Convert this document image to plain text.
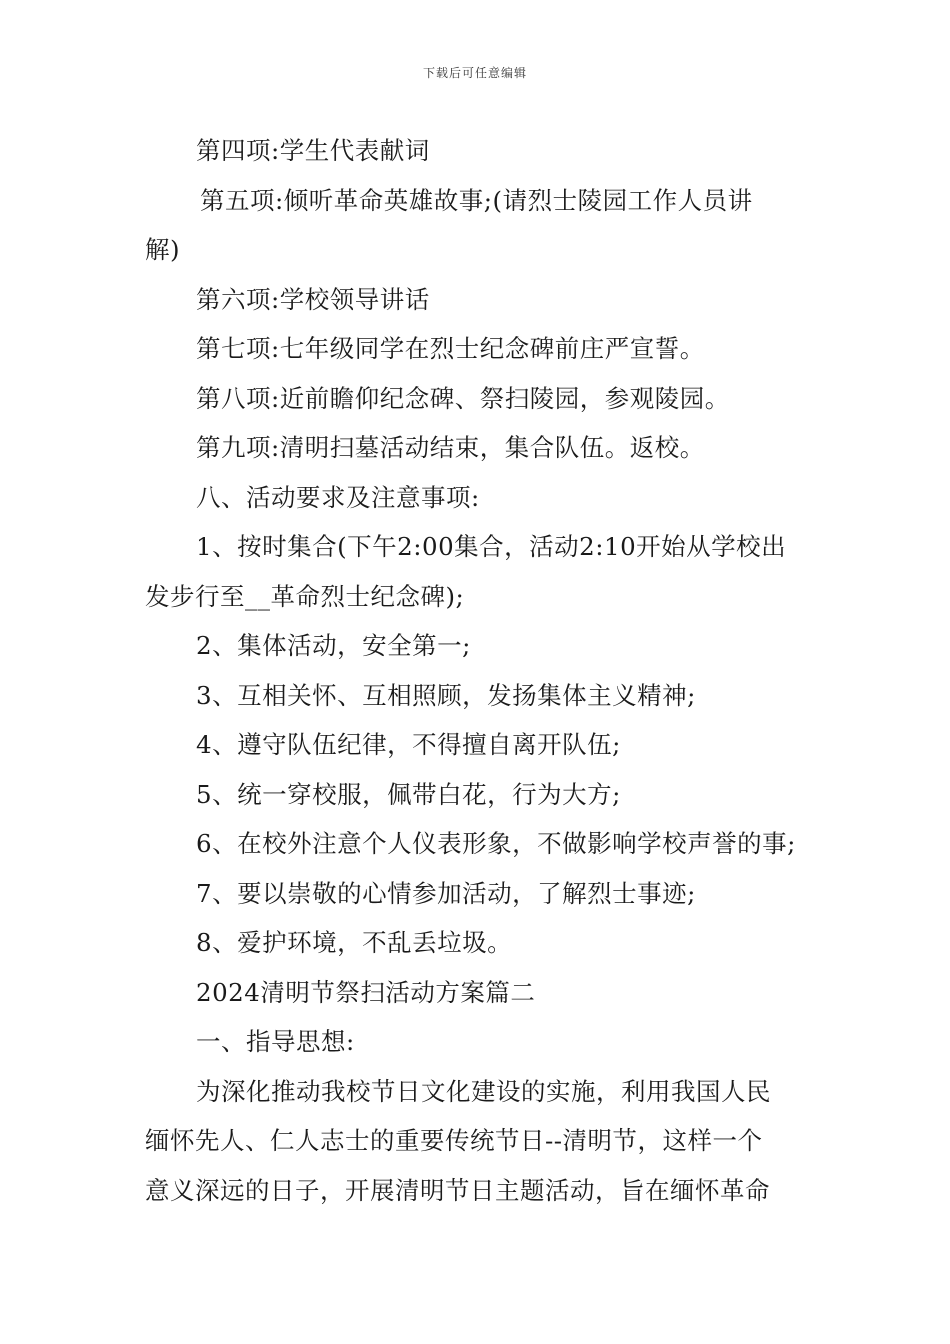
下载后可任意编辑
第四项:学生代表献词
第五项:倾听革命英雄故事;(请烈士陵园工作人员讲
解)
第六项:学校领导讲话
第七项:七年级同学在烈士纪念碑前庄严宣誓。
第八项:近前瞻仰纪念碑、祭扫陵园，参观陵园。
第九项:清明扫墓活动结束，集合队伍。返校。
八、活动要求及注意事项:
1、按时集合(下午2:00集合，活动2:10开始从学校出
发步行至__革命烈士纪念碑);
2、集体活动，安全第一;
3、互相关怀、互相照顾，发扬集体主义精神;
4、遵守队伍纪律，不得擅自离开队伍;
5、统一穿校服，佩带白花，行为大方;
6、在校外注意个人仪表形象，不做影响学校声誉的事;
7、要以崇敬的心情参加活动，了解烈士事迹;
8、爱护环境，不乱丢垃圾。
2024清明节祭扫活动方案篇二
一、指导思想:
为深化推动我校节日文化建设的实施，利用我国人民
缅怀先人、仁人志士的重要传统节日--清明节，这样一个
意义深远的日子，开展清明节日主题活动，旨在缅怀革命
